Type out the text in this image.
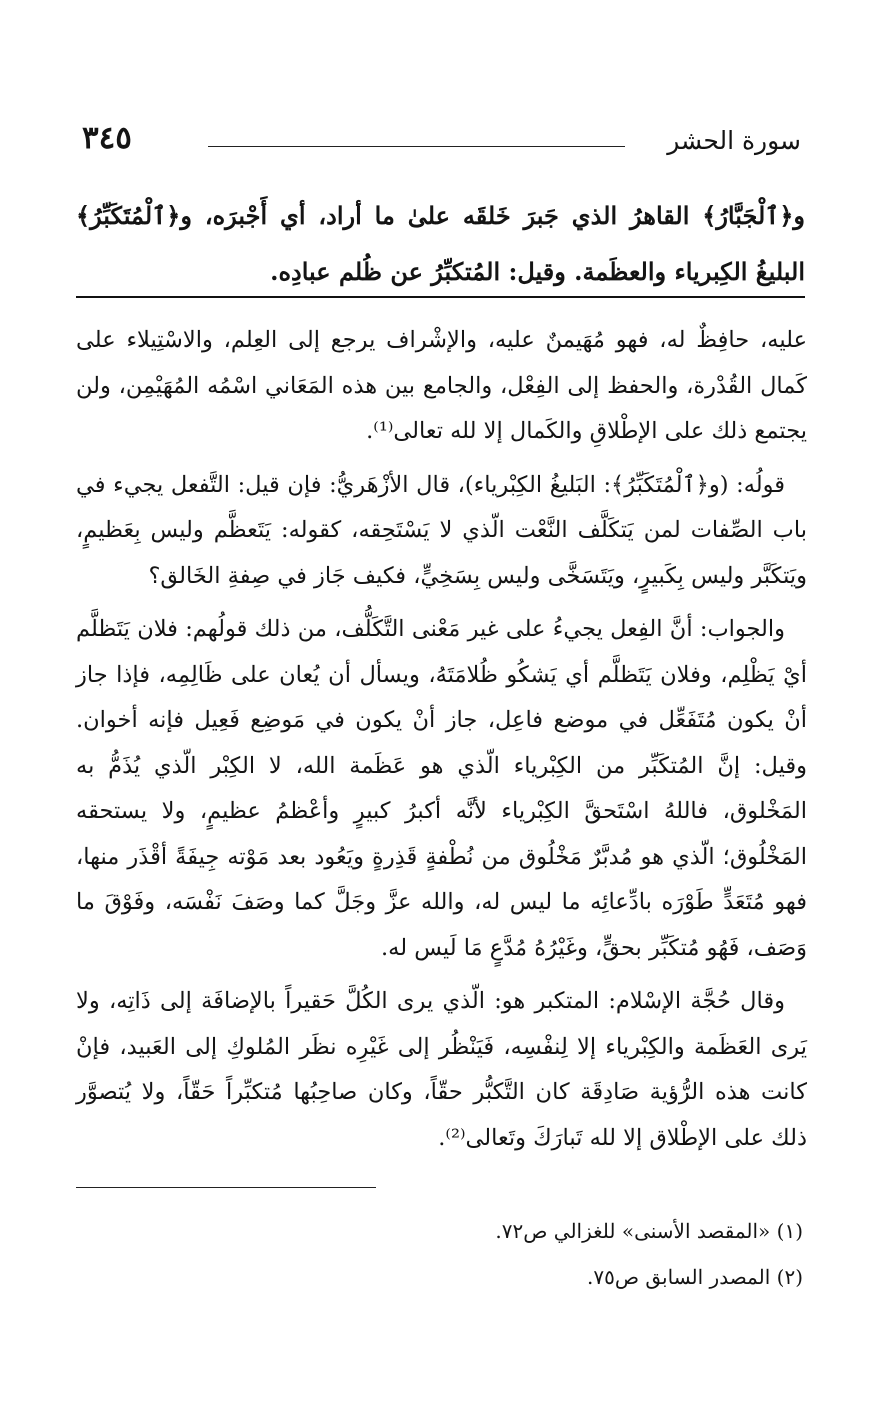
سورة الحشر
٣٤٥
و﴿ٱلْجَبَّارُ﴾ القاهرُ الذي جَبرَ خَلقَه علىٰ ما أراد، أي أَجْبرَه، و﴿ٱلْمُتَكَبِّرُ﴾ البليغُ الكِبرياء والعظَمة. وقيل: المُتكبِّرُ عن ظُلم عبادِه.

عليه، حافِظٌ له، فهو مُهَيمنٌ عليه، والإشْراف يرجع إلى العِلم، والاسْتِيلاء على كَمال القُدْرة، والحفظ إلى الفِعْل، والجامع بين هذه المَعَاني اسْمُه المُهَيْمِن، ولن يجتمع ذلك على الإطْلاقِ والكَمال إلا لله تعالى⁽¹⁾.

قولُه: (و﴿ٱلْمُتَكَبِّرُ﴾: البَليغُ الكِبْرياء)، قال الأزْهَريُّ: فإن قيل: التَّفعل يجيء في باب الصِّفات لمن يَتكَلَّف النَّعْت الّذي لا يَسْتَحِقه، كقوله: يَتَعظَّم وليس بِعَظيمٍ، ويَتكَبَّر وليس بِكَبيرٍ، ويَتَسَخَّى وليس بِسَخِيٍّ، فكيف جَاز في صِفةِ الخَالق؟

والجواب: أنَّ الفِعل يجيءُ على غير مَعْنى التَّكَلُّف، من ذلك قولُهم: فلان يَتَظلَّم أيْ يَظْلِم، وفلان يَتَظلَّم أي يَشكُو ظُلامَتَهُ، ويسأل أن يُعان على ظَالِمِه، فإذا جاز أنْ يكون مُتَفَعِّل في موضع فاعِل، جاز أنْ يكون في مَوضِع فَعِيل فإنه أخوان. وقيل: إنَّ المُتكَبِّر من الكِبْرياء الّذي هو عَظَمة الله، لا الكِبْر الّذي يُذَمُّ به المَخْلوق، فاللهُ اسْتَحقَّ الكِبْرياء لأنَّه أكبرُ كبيرٍ وأعْظمُ عظيمٍ، ولا يستحقه المَخْلُوق؛ الّذي هو مُدبَّرٌ مَخْلُوق من نُطْفةٍ قَذِرةٍ ويَعُود بعد مَوْته جِيفَةً أقْذَر منها، فهو مُتَعَدٍّ طَوْرَه بادِّعائِه ما ليس له، والله عزَّ وجَلَّ كما وصَفَ نَفْسَه، وفَوْقَ ما وَصَف، فَهُو مُتكَبِّر بحقٍّ، وغَيْرُهُ مُدَّعٍ مَا لَيس له.

وقال حُجَّة الإسْلام: المتكبر هو: الّذي يرى الكُلَّ حَقيراً بالإضافَة إلى ذَاتِه، ولا يَرى العَظَمة والكِبْرياء إلا لِنفْسِه، فَيَنْظُر إلى غَيْرِه نظَر المُلوكِ إلى العَبيد، فإنْ كانت هذه الرُّؤية صَادِقَة كان التَّكبُّر حقّاً، وكان صاحِبُها مُتكبِّراً حَقّاً، ولا يُتصوَّر ذلك على الإطْلاق إلا لله تَبارَكَ وتَعالى⁽²⁾.

(١) «المقصد الأسنى» للغزالي ص٧٢.

(٢) المصدر السابق ص٧٥.
